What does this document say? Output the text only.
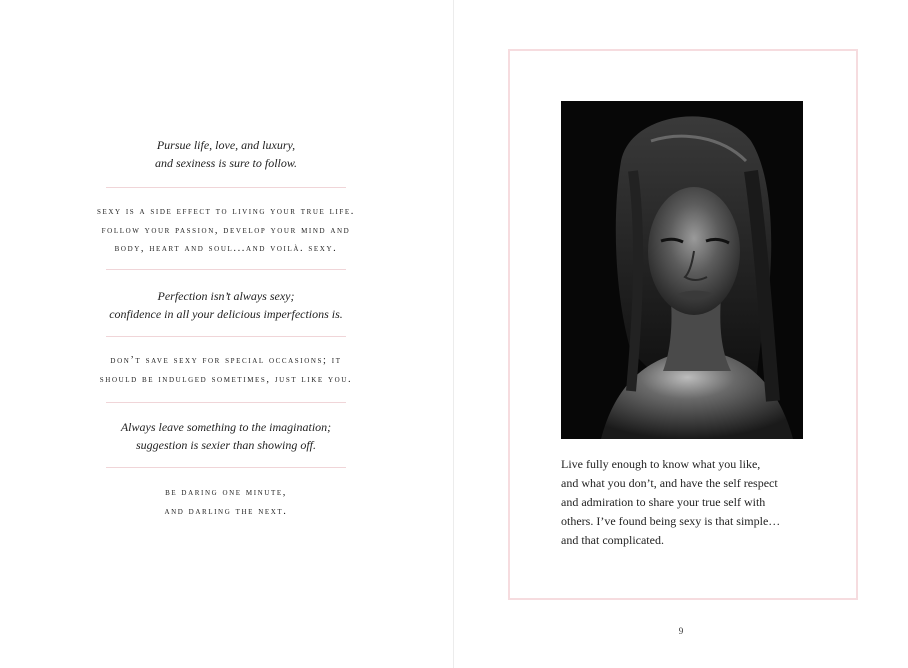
Pursue life, love, and luxury,
and sexiness is sure to follow.
sexy is a side effect to living your true life.
follow your passion, develop your mind and
body, heart and soul...and voilà. sexy.
Perfection isn’t always sexy;
confidence in all your delicious imperfections is.
don’t save sexy for special occasions; it
should be indulged sometimes, just like you.
Always leave something to the imagination;
suggestion is sexier than showing off.
be daring one minute,
and darling the next.
Live fully enough to know what you like,
and what you don’t, and have the self respect
and admiration to share your true self with
others. I’ve found being sexy is that simple…
and that complicated.
9
